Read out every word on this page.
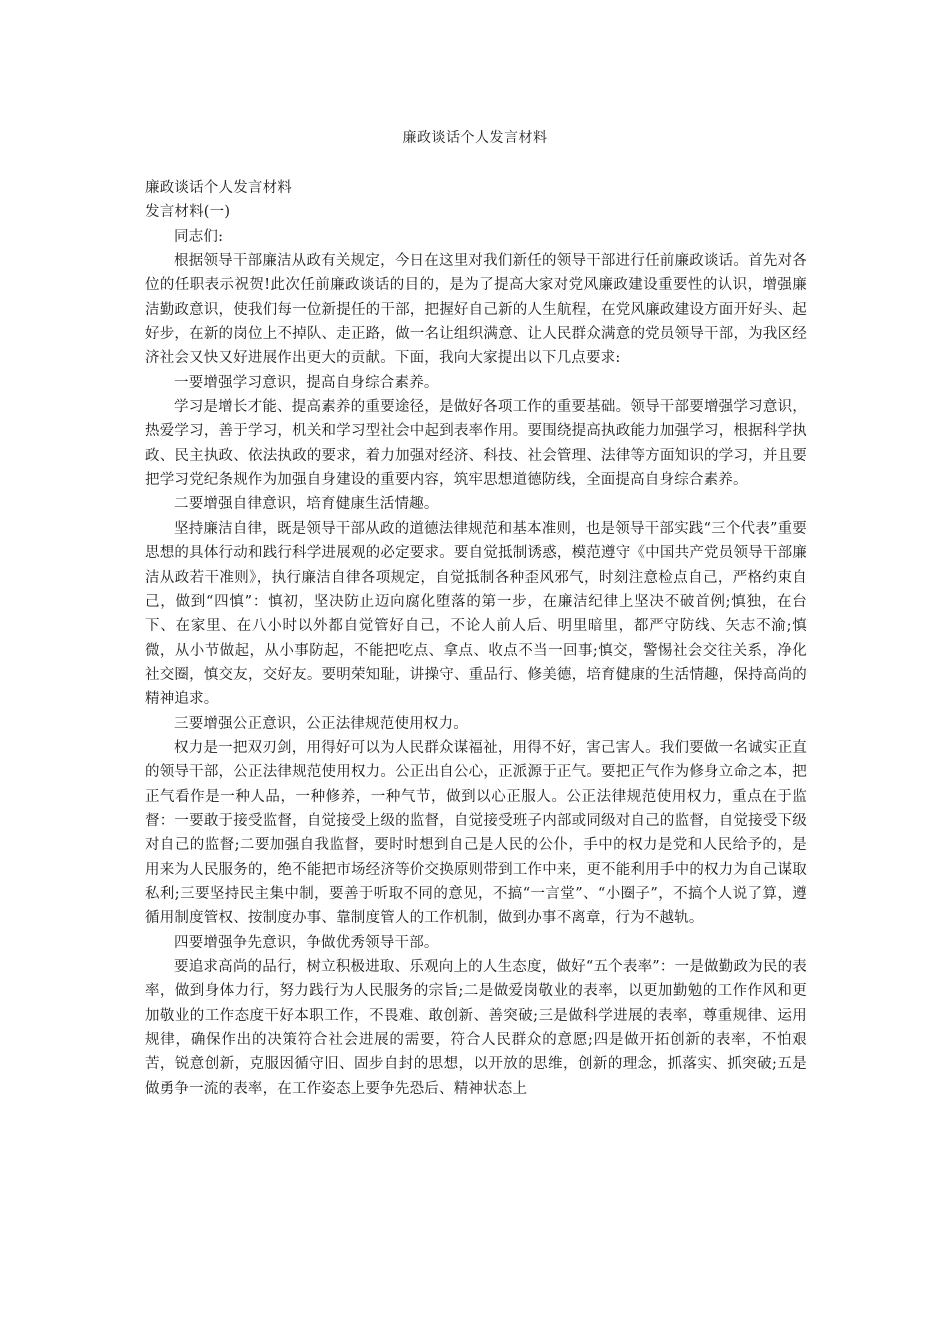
廉政谈话个人发言材料

廉政谈话个人发言材料

发言材料(一)

同志们:

根据领导干部廉洁从政有关规定，今日在这里对我们新任的领导干部进行任前廉政谈话。首先对各位的任职表示祝贺!此次任前廉政谈话的目的，是为了提高大家对党风廉政建设重要性的认识，增强廉洁勤政意识，使我们每一位新提任的干部，把握好自己新的人生航程，在党风廉政建设方面开好头、起好步，在新的岗位上不掉队、走正路，做一名让组织满意、让人民群众满意的党员领导干部，为我区经济社会又快又好进展作出更大的贡献。下面，我向大家提出以下几点要求:

一要增强学习意识，提高自身综合素养。

学习是增长才能、提高素养的重要途径，是做好各项工作的重要基础。领导干部要增强学习意识，热爱学习，善于学习，机关和学习型社会中起到表率作用。要围绕提高执政能力加强学习，根据科学执政、民主执政、依法执政的要求，着力加强对经济、科技、社会管理、法律等方面知识的学习，并且要把学习党纪条规作为加强自身建设的重要内容，筑牢思想道德防线，全面提高自身综合素养。

二要增强自律意识，培育健康生活情趣。

坚持廉洁自律，既是领导干部从政的道德法律规范和基本准则，也是领导干部实践“三个代表”重要思想的具体行动和践行科学进展观的必定要求。要自觉抵制诱惑，模范遵守《中国共产党员领导干部廉洁从政若干准则》，执行廉洁自律各项规定，自觉抵制各种歪风邪气，时刻注意检点自己，严格约束自己，做到“四慎”：慎初，坚决防止迈向腐化堕落的第一步，在廉洁纪律上坚决不破首例;慎独，在台下、在家里、在八小时以外都自觉管好自己，不论人前人后、明里暗里，都严守防线、矢志不渝;慎微，从小节做起，从小事防起，不能把吃点、拿点、收点不当一回事;慎交，警惕社会交往关系，净化社交圈，慎交友，交好友。要明荣知耻，讲操守、重品行、修美德，培育健康的生活情趣，保持高尚的精神追求。

三要增强公正意识，公正法律规范使用权力。

权力是一把双刃剑，用得好可以为人民群众谋福祉，用得不好，害己害人。我们要做一名诚实正直的领导干部，公正法律规范使用权力。公正出自公心，正派源于正气。要把正气作为修身立命之本，把正气看作是一种人品，一种修养，一种气节，做到以心正服人。公正法律规范使用权力，重点在于监督：一要敢于接受监督，自觉接受上级的监督，自觉接受班子内部或同级对自己的监督，自觉接受下级对自己的监督;二要加强自我监督，要时时想到自己是人民的公仆，手中的权力是党和人民给予的，是用来为人民服务的，绝不能把市场经济等价交换原则带到工作中来，更不能利用手中的权力为自己谋取私利;三要坚持民主集中制，要善于听取不同的意见，不搞“一言堂”、“小圈子”，不搞个人说了算，遵循用制度管权、按制度办事、靠制度管人的工作机制，做到办事不离章，行为不越轨。

四要增强争先意识，争做优秀领导干部。

要追求高尚的品行，树立积极进取、乐观向上的人生态度，做好“五个表率”：一是做勤政为民的表率，做到身体力行，努力践行为人民服务的宗旨;二是做爱岗敬业的表率，以更加勤勉的工作作风和更加敬业的工作态度干好本职工作，不畏难、敢创新、善突破;三是做科学进展的表率，尊重规律、运用规律，确保作出的决策符合社会进展的需要，符合人民群众的意愿;四是做开拓创新的表率，不怕艰苦，锐意创新，克服因循守旧、固步自封的思想，以开放的思维，创新的理念，抓落实、抓突破;五是做勇争一流的表率，在工作姿态上要争先恐后、精神状态上
